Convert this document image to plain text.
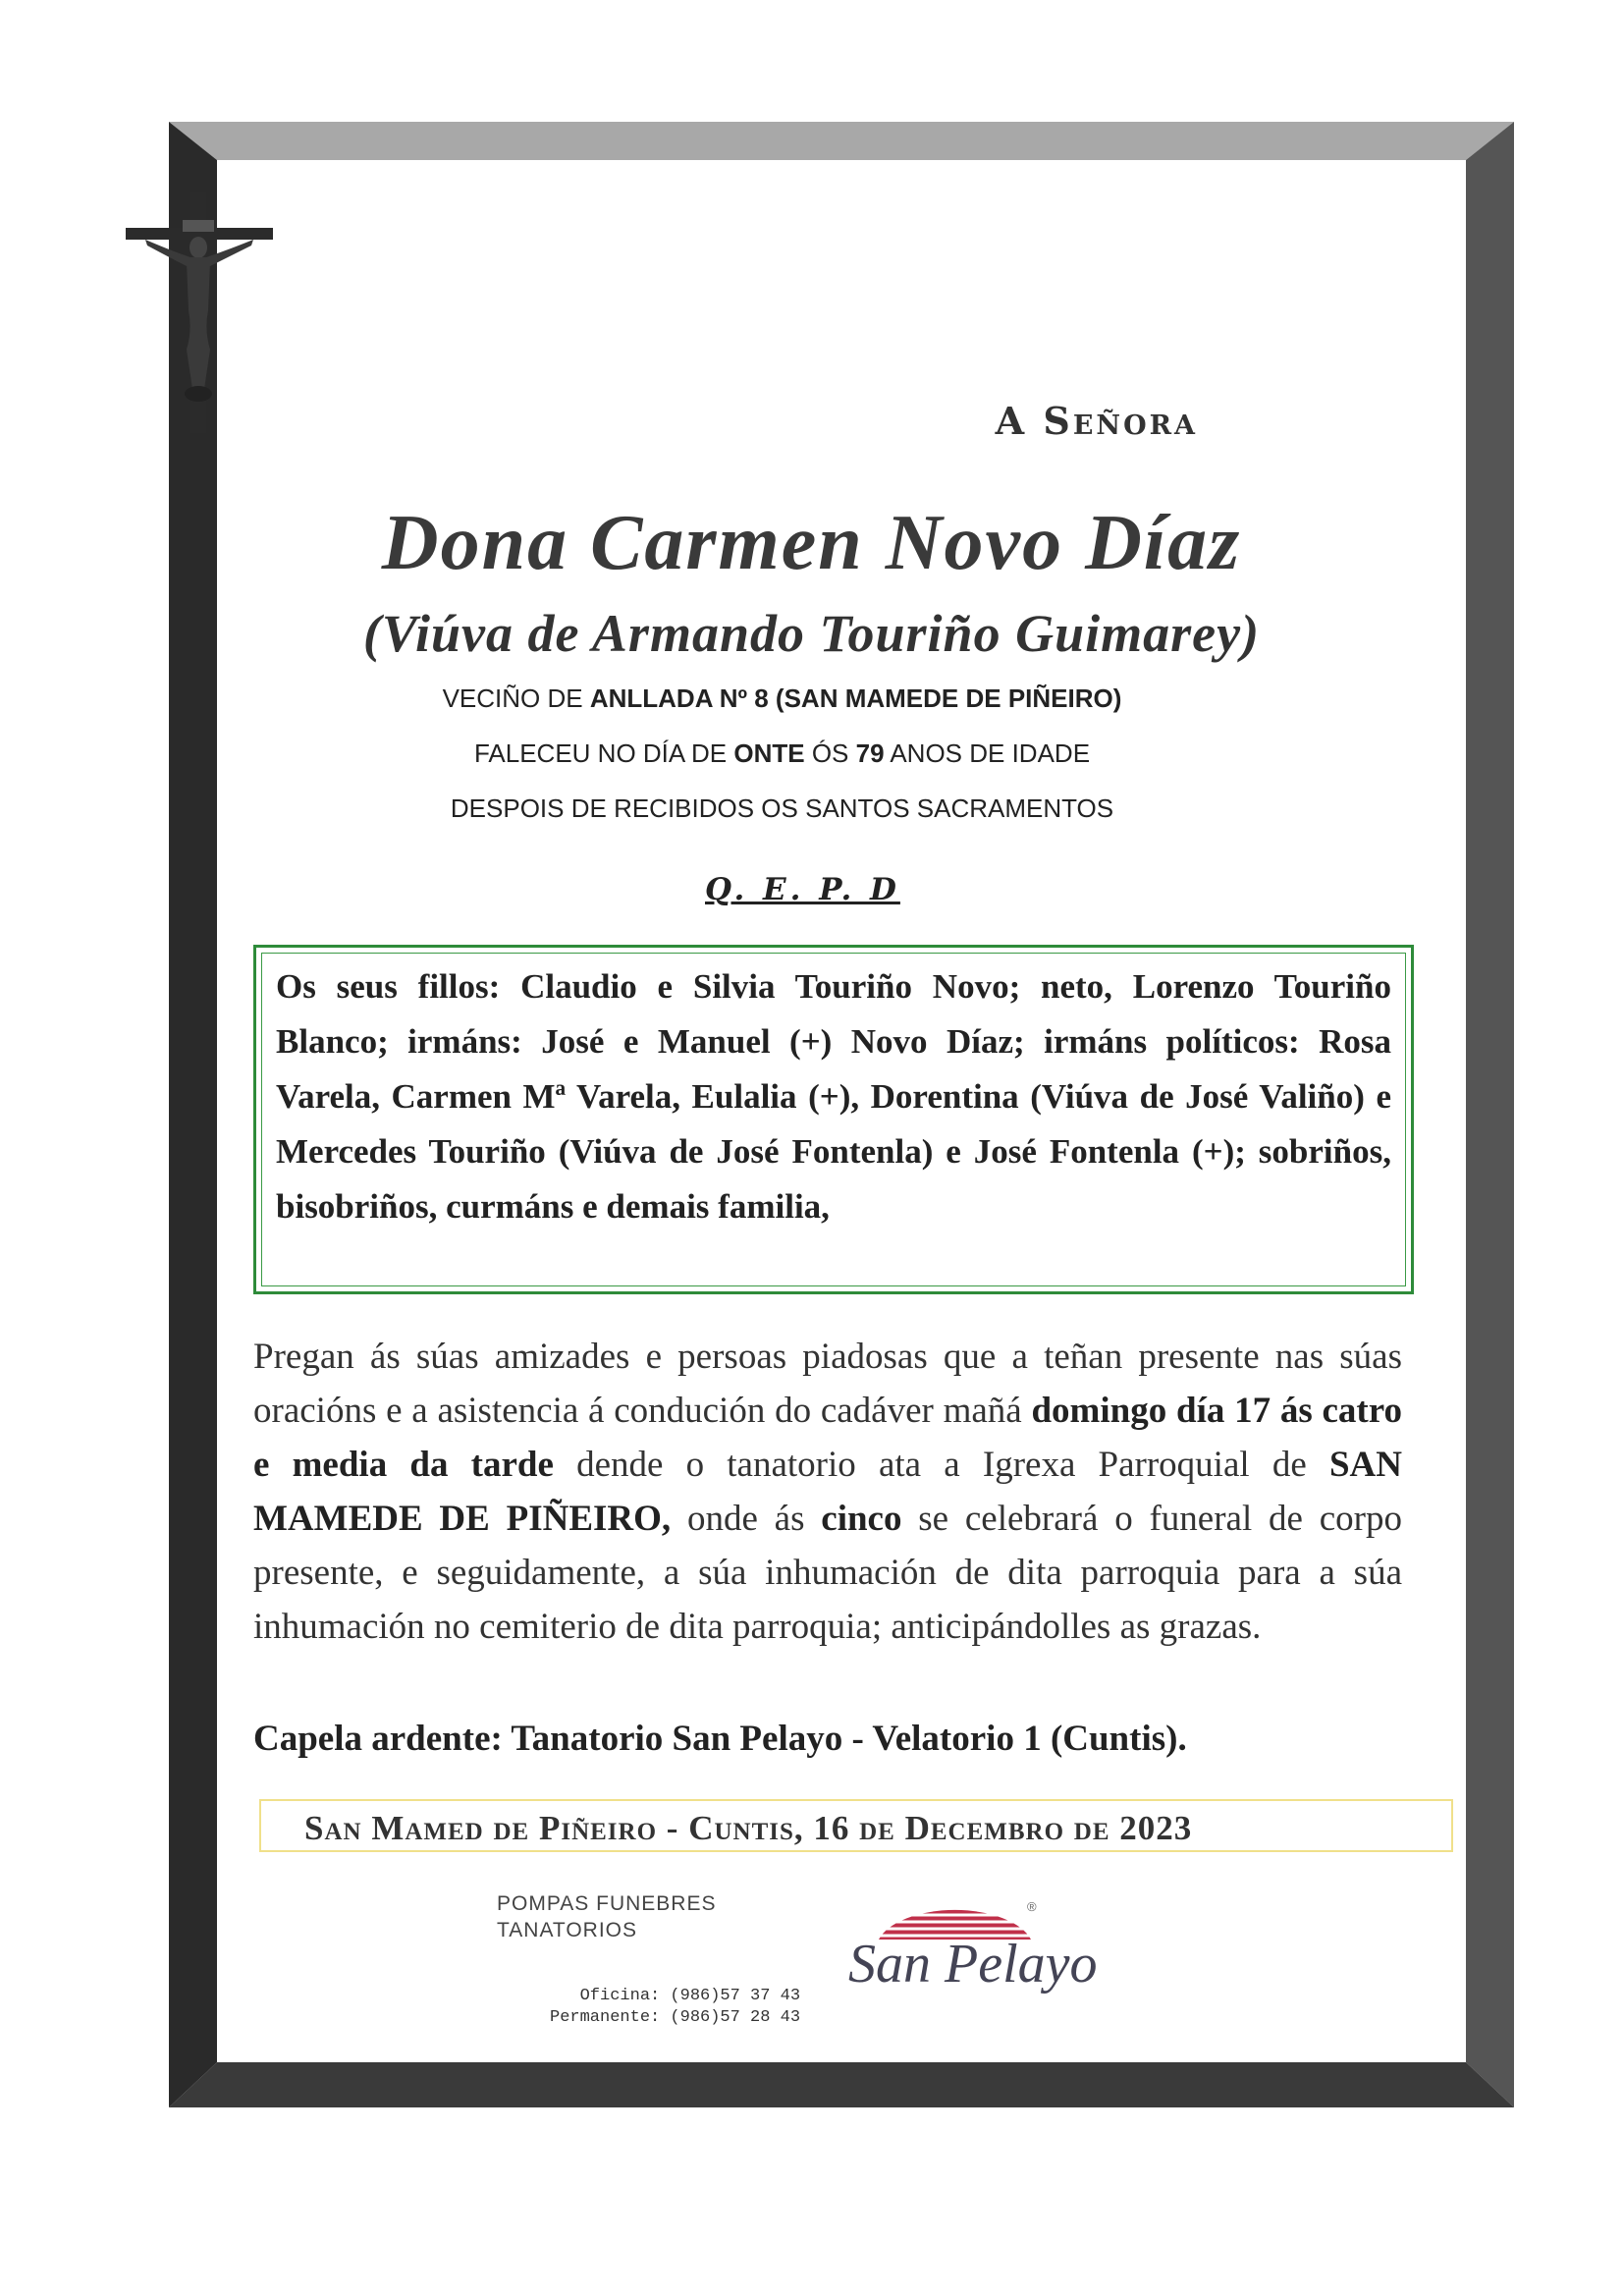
A Señora
Dona Carmen Novo Díaz
(Viúva de Armando Touriño Guimarey)
VECIÑO DE ANLLADA Nº 8 (SAN MAMEDE DE PIÑEIRO)
FALECEU NO DÍA DE ONTE ÓS 79 ANOS DE IDADE
DESPOIS DE RECIBIDOS OS SANTOS SACRAMENTOS
Q. E. P. D
Os seus fillos: Claudio e Silvia Touriño Novo; neto, Lorenzo Touriño Blanco; irmáns: José e Manuel (+) Novo Díaz; irmáns políticos: Rosa Varela, Carmen Mª Varela, Eulalia (+), Dorentina (Viúva de José Valiño) e Mercedes Touriño (Viúva de José Fontenla) e José Fontenla (+); sobriños, bisobriños, curmáns e demais familia,
Pregan ás súas amizades e persoas piadosas que a teñan presente nas súas oracións e a asistencia á condución do cadáver mañá domingo día 17 ás catro e media da tarde dende o tanatorio ata a Igrexa Parroquial de SAN MAMEDE DE PIÑEIRO, onde ás cinco se celebrará o funeral de corpo presente, e seguidamente, a súa inhumación de dita parroquia para a súa inhumación no cemiterio de dita parroquia; anticipándolles as grazas.
Capela ardente: Tanatorio San Pelayo - Velatorio 1 (Cuntis).
San Mamed de Piñeiro - Cuntis, 16 de Decembro de 2023
POMPAS FUNEBRES
TANATORIOS
Oficina: (986)57 37 43
Permanente: (986)57 28 43
San Pelayo
®
